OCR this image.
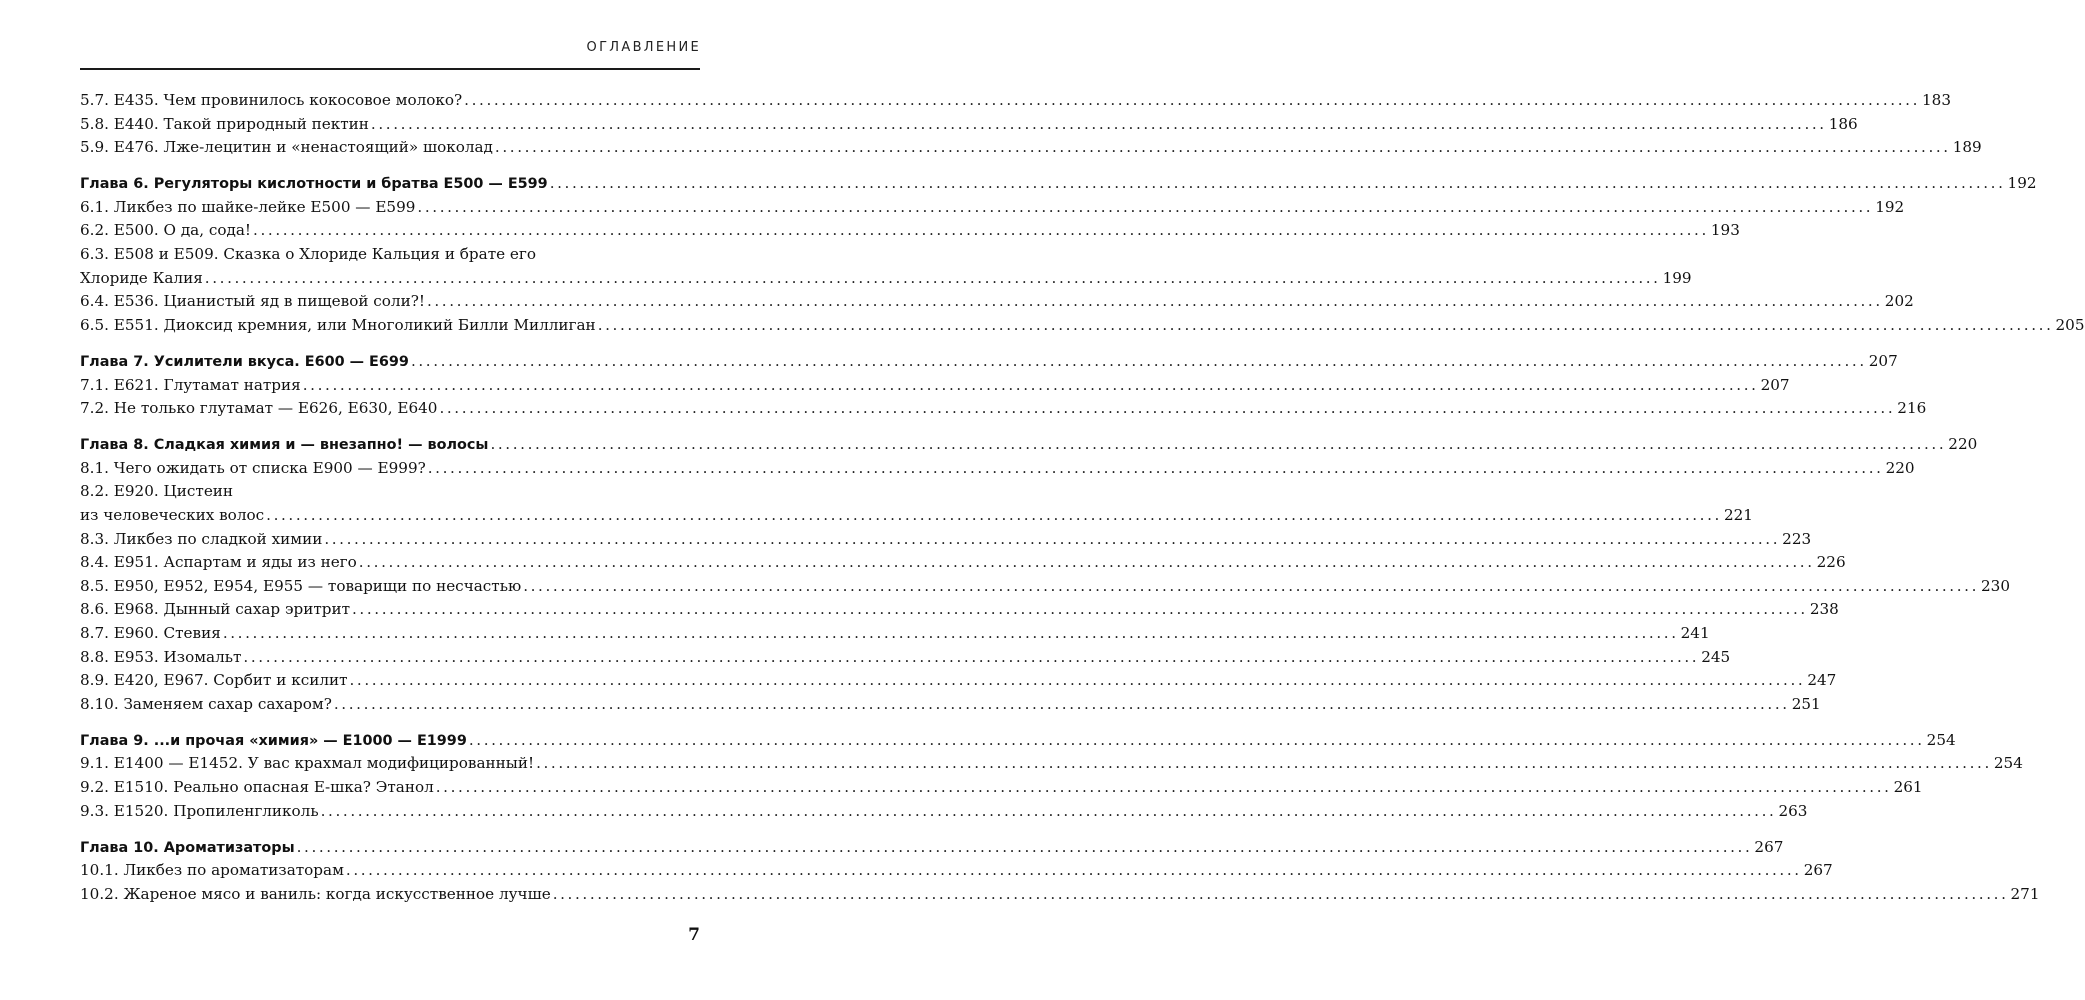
ОГЛАВЛЕНИЕ
5.7. E435. Чем провинилось кокосовое молоко? .....	183
5.8. E440. Такой природный пектин .....	186
5.9. E476. Лже-лецитин и «ненастоящий» шоколад .....	189
Глава 6. Регуляторы кислотности и братва E500 — E599 .....	192
6.1. Ликбез по шайке-лейке E500 — E599 .....	192
6.2. E500. О да, сода! .....	193
6.3. E508 и E509. Сказка о Хлориде Кальция и брате его
Хлориде Калия .....	199
6.4. E536. Цианистый яд в пищевой соли?! .....	202
6.5. E551. Диоксид кремния, или Многоликий Билли Миллиган .....	205
Глава 7. Усилители вкуса. E600 — E699 .....	207
7.1. E621. Глутамат натрия .....	207
7.2. Не только глутамат — E626, E630, E640 .....	216
Глава 8. Сладкая химия и — внезапно! — волосы .....	220
8.1. Чего ожидать от списка E900 — E999? .....	220
8.2. E920. Цистеин
из человеческих волос .....	221
8.3. Ликбез по сладкой химии .....	223
8.4. E951. Аспартам и яды из него .....	226
8.5. E950, E952, E954, E955 — товарищи по несчастью .....	230
8.6. E968. Дынный сахар эритрит .....	238
8.7. E960. Стевия .....	241
8.8. E953. Изомальт .....	245
8.9. E420, E967. Сорбит и ксилит .....	247
8.10. Заменяем сахар сахаром? .....	251
Глава 9. ...и прочая «химия» — E1000 — E1999 .....	254
9.1. E1400 — E1452. У вас крахмал модифицированный! .....	254
9.2. E1510. Реально опасная Е-шка? Этанол .....	261
9.3. E1520. Пропиленгликоль .....	263
Глава 10. Ароматизаторы .....	267
10.1. Ликбез по ароматизаторам .....	267
10.2. Жареное мясо и ваниль: когда искусственное лучше .....	271
7
